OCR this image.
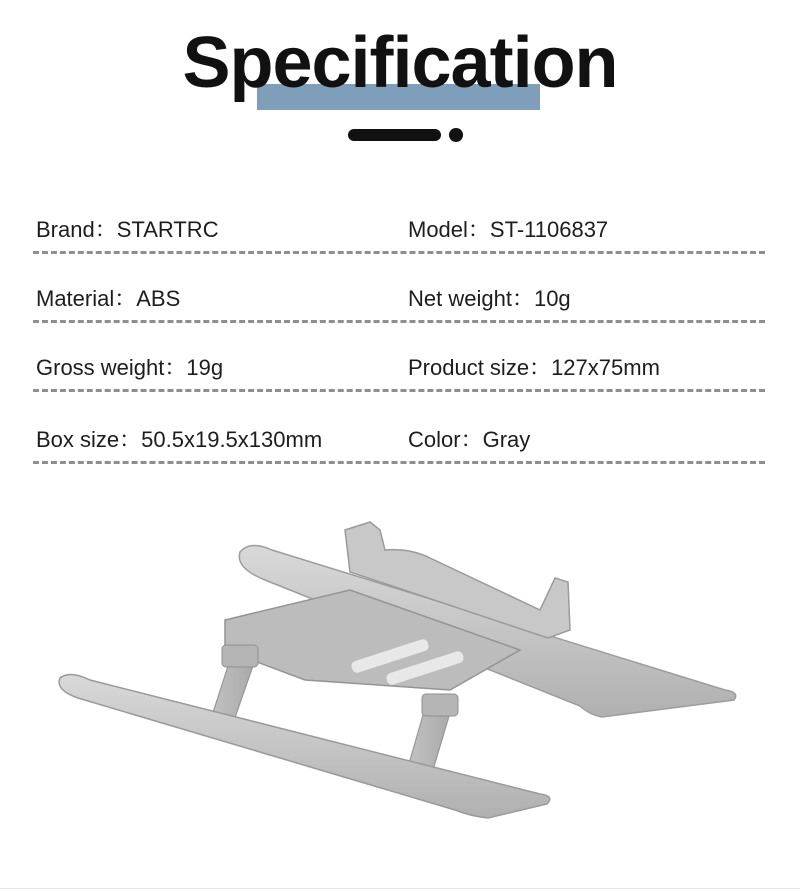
Specification
Brand：STARTRC	Model：ST-1106837
Material：ABS	Net weight：10g
Gross weight：19g	Product size：127x75mm
Box size：50.5x19.5x130mm	Color：Gray
